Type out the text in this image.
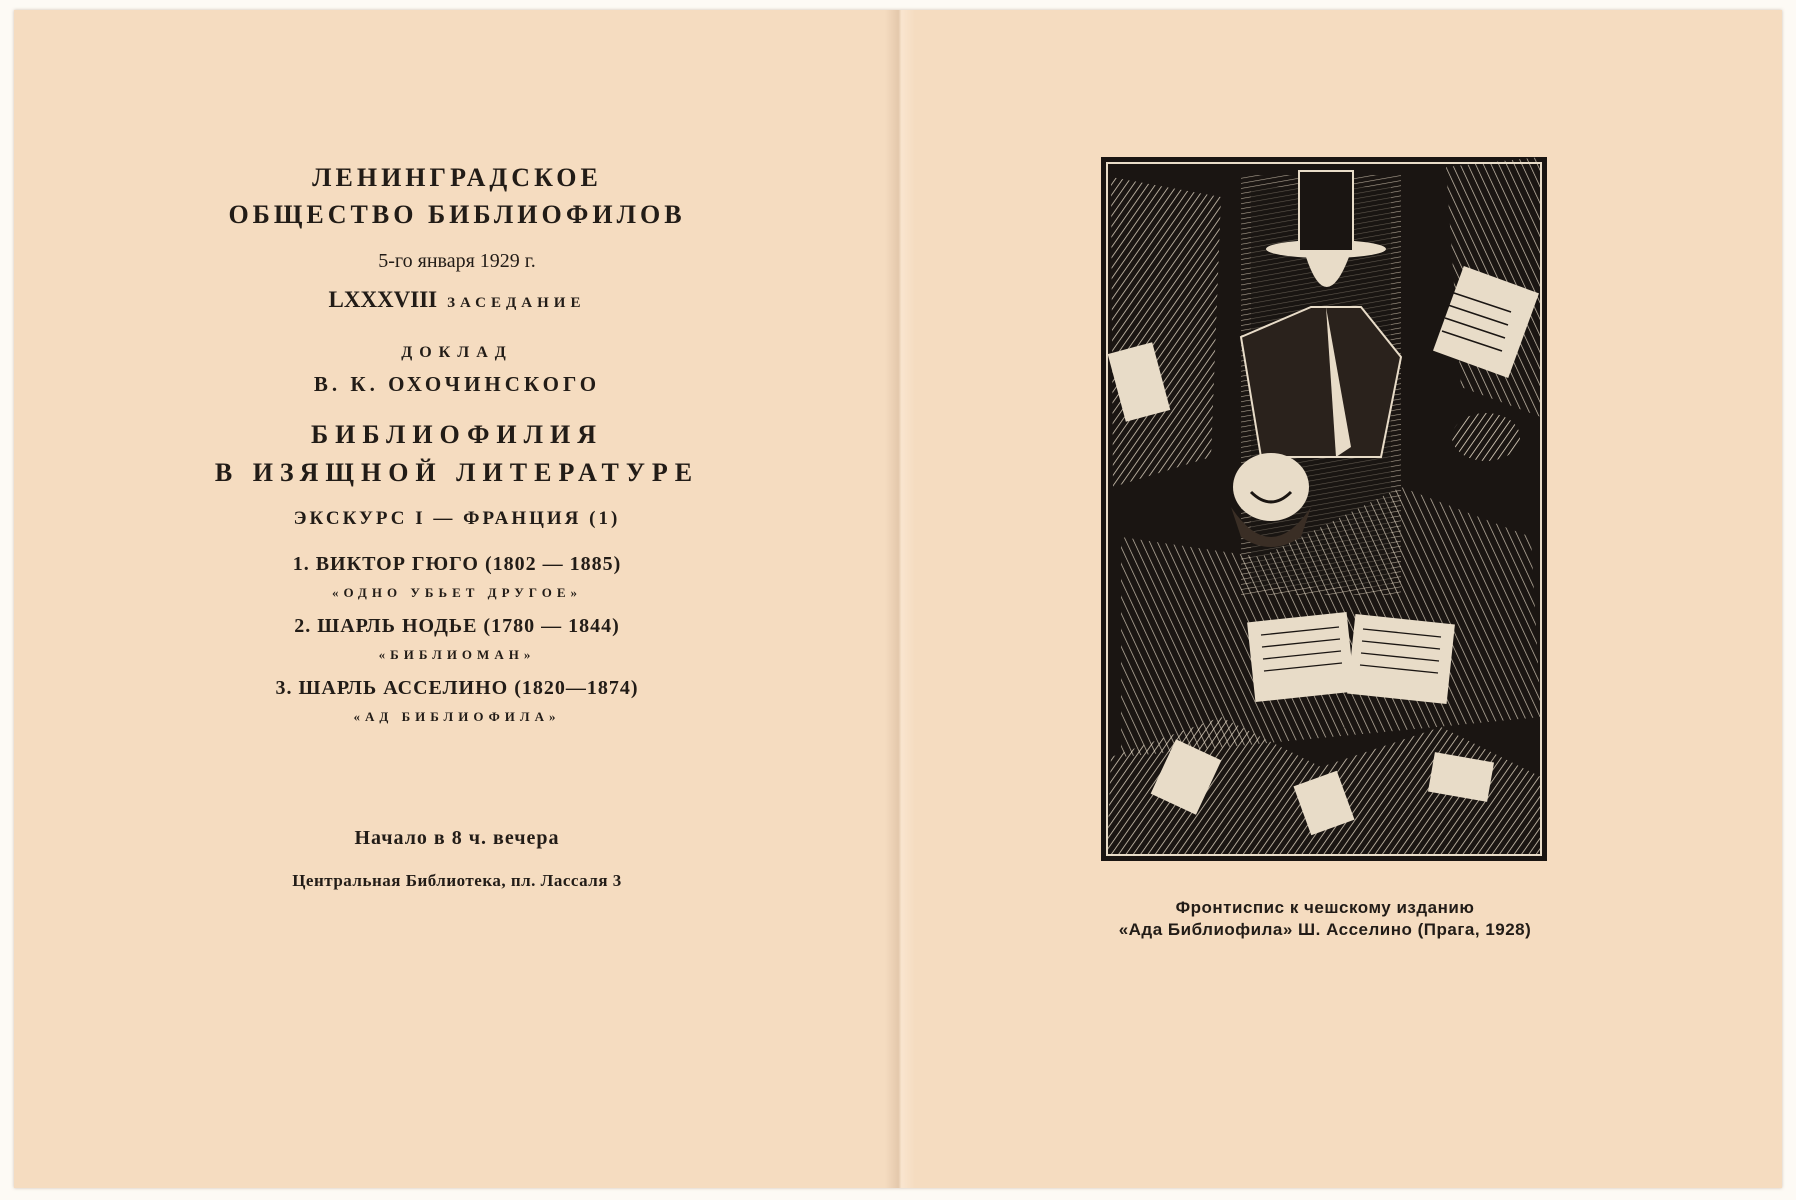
ЛЕНИНГРАДСКОЕ
ОБЩЕСТВО БИБЛИОФИЛОВ
5-го января 1929 г.
LXXXVIII ЗАСЕДАНИЕ
ДОКЛАД
В. К. ОХОЧИНСКОГО
БИБЛИОФИЛИЯ
В ИЗЯЩНОЙ ЛИТЕРАТУРЕ
ЭКСКУРС I — ФРАНЦИЯ (1)
1. ВИКТОР ГЮГО (1802 — 1885)
«ОДНО УБЬЕТ ДРУГОЕ»
2. ШАРЛЬ НОДЬЕ (1780 — 1844)
«БИБЛИОМАН»
3. ШАРЛЬ АССЕЛИНО (1820—1874)
«АД БИБЛИОФИЛА»
Начало в 8 ч. вечера
Центральная Библиотека, пл. Лассаля 3
Фронтиспис к чешскому изданию
«Ада Библиофила» Ш. Асселино (Прага, 1928)
